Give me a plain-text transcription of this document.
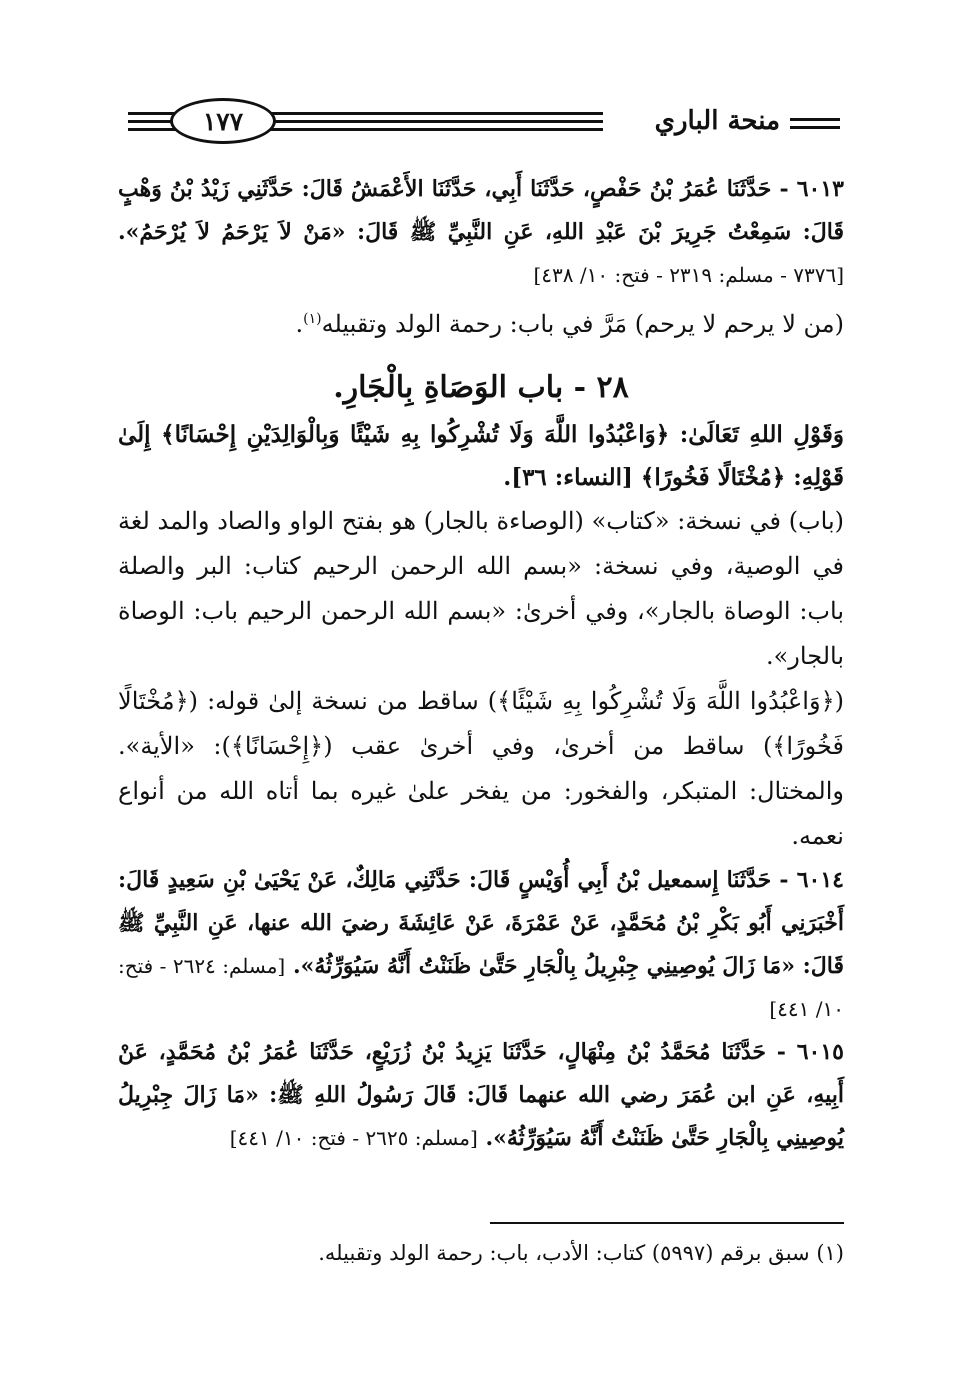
منحة الباري
١٧٧

٦٠١٣ - حَدَّثَنَا عُمَرُ بْنُ حَفْصٍ، حَدَّثَنَا أَبِي، حَدَّثَنَا الأَعْمَشُ قَالَ: حَدَّثَنِي زَيْدُ بْنُ وَهْبٍ قَالَ: سَمِعْتُ جَرِيرَ بْنَ عَبْدِ اللهِ، عَنِ النَّبِيِّ ﷺ قَالَ: «مَنْ لاَ يَرْحَمُ لاَ يُرْحَمُ». [٧٣٧٦ - مسلم: ٢٣١٩ - فتح: ١٠/ ٤٣٨]

(من لا يرحم لا يرحم) مَرَّ في باب: رحمة الولد وتقبيله$^{(١)}$.

٢٨ - باب الوَصَاةِ بِالْجَارِ.

وَقَوْلِ اللهِ تَعَالَىٰ: ﴿وَاعْبُدُوا اللَّهَ وَلَا تُشْرِكُوا بِهِ شَيْئًا وَبِالْوَالِدَيْنِ إِحْسَانًا﴾ إِلَىٰ قَوْلِهِ: ﴿مُخْتَالًا فَخُورًا﴾ [النساء: ٣٦].

(باب) في نسخة: «كتاب» (الوصاءة بالجار) هو بفتح الواو والصاد والمد لغة في الوصية، وفي نسخة: «بسم الله الرحمن الرحيم كتاب: البر والصلة باب: الوصاة بالجار»، وفي أخرىٰ: «بسم الله الرحمن الرحيم باب: الوصاة بالجار».

(﴿وَاعْبُدُوا اللَّهَ وَلَا تُشْرِكُوا بِهِ شَيْئًا﴾) ساقط من نسخة إلىٰ قوله: (﴿مُخْتَالًا فَخُورًا﴾) ساقط من أخرىٰ، وفي أخرىٰ عقب (﴿إِحْسَانًا﴾): «الأية». والمختال: المتبكر، والفخور: من يفخر علىٰ غيره بما أتاه الله من أنواع نعمه.

٦٠١٤ - حَدَّثَنَا إِسمعيل بْنُ أَبِي أُوَيْسٍ قَالَ: حَدَّثَنِي مَالِكٌ، عَنْ يَحْيَىٰ بْنِ سَعِيدٍ قَالَ: أَخْبَرَنِي أَبُو بَكْرِ بْنُ مُحَمَّدٍ، عَنْ عَمْرَةَ، عَنْ عَائِشَةَ رضيَ الله عنها، عَنِ النَّبِيِّ ﷺ قَالَ: «مَا زَالَ يُوصِينِي جِبْرِيلُ بِالْجَارِ حَتَّىٰ ظَنَنْتُ أَنَّهُ سَيُوَرِّثُهُ». [مسلم: ٢٦٢٤ - فتح: ١٠/ ٤٤١]

٦٠١٥ - حَدَّثَنَا مُحَمَّدُ بْنُ مِنْهَالٍ، حَدَّثَنَا يَزِيدُ بْنُ زُرَيْعٍ، حَدَّثَنَا عُمَرُ بْنُ مُحَمَّدٍ، عَنْ أَبِيهِ، عَنِ ابن عُمَرَ رضي الله عنهما قَالَ: قَالَ رَسُولُ اللهِ ﷺ: «مَا زَالَ جِبْرِيلُ يُوصِينِي بِالْجَارِ حَتَّىٰ ظَنَنْتُ أَنَّهُ سَيُوَرِّثُهُ». [مسلم: ٢٦٢٥ - فتح: ١٠/ ٤٤١]

(١) سبق برقم (٥٩٩٧) كتاب: الأدب، باب: رحمة الولد وتقبيله.
